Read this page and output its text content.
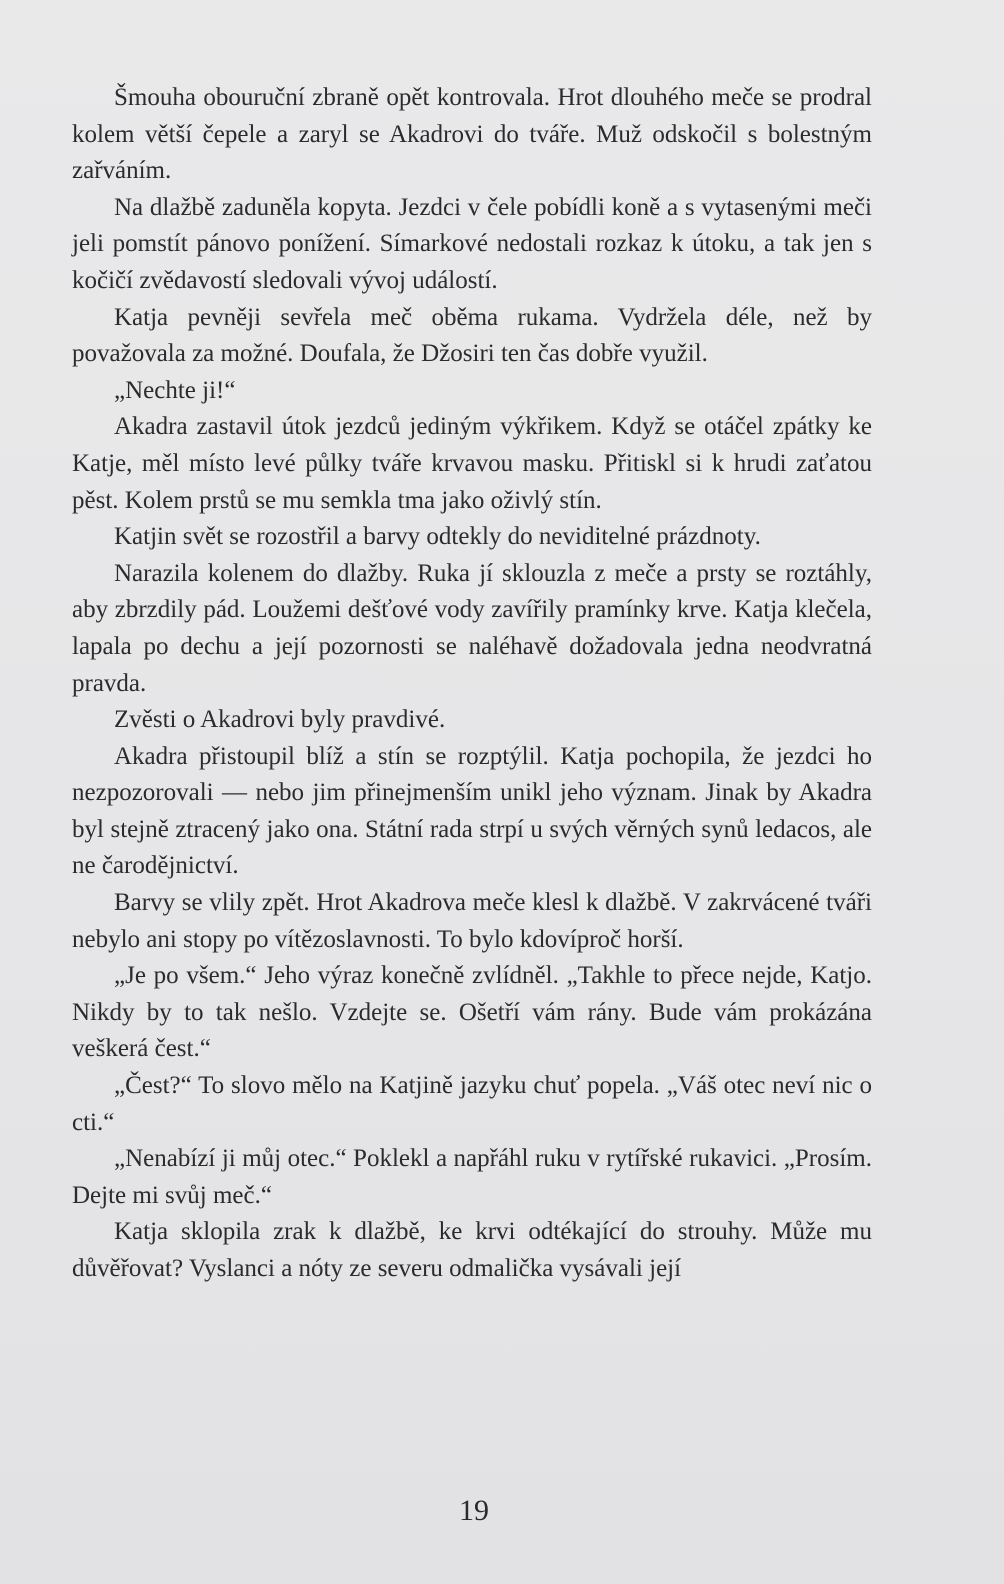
Šmouha obouruční zbraně opět kontrovala. Hrot dlouhého meče se prodral kolem větší čepele a zaryl se Akadrovi do tváře. Muž odskočil s bolestným zařváním.

Na dlažbě zaduněla kopyta. Jezdci v čele pobídli koně a s vytasenými meči jeli pomstít pánovo ponížení. Símarkové nedostali rozkaz k útoku, a tak jen s kočičí zvědavostí sledovali vývoj událostí.

Katja pevněji sevřela meč oběma rukama. Vydržela déle, než by považovala za možné. Doufala, že Džosiri ten čas dobře využil.

„Nechte ji!“

Akadra zastavil útok jezdců jediným výkřikem. Když se otáčel zpátky ke Katje, měl místo levé půlky tváře krvavou masku. Přitiskl si k hrudi zaťatou pěst. Kolem prstů se mu semkla tma jako oživlý stín.

Katjin svět se rozostřil a barvy odtekly do neviditelné prázdnoty.

Narazila kolenem do dlažby. Ruka jí sklouzla z meče a prsty se roztáhly, aby zbrzdily pád. Loužemi dešťové vody zavířily pramínky krve. Katja klečela, lapala po dechu a její pozornosti se naléhavě dožadovala jedna neodvratná pravda.

Zvěsti o Akadrovi byly pravdivé.

Akadra přistoupil blíž a stín se rozptýlil. Katja pochopila, že jezdci ho nezpozorovali — nebo jim přinejmenším unikl jeho význam. Jinak by Akadra byl stejně ztracený jako ona. Státní rada strpí u svých věrných synů ledacos, ale ne čarodějnictví.

Barvy se vlily zpět. Hrot Akadrova meče klesl k dlažbě. V zakrvácené tváři nebylo ani stopy po vítězoslavnosti. To bylo kdovíproč horší.

„Je po všem.“ Jeho výraz konečně zvlídněl. „Takhle to přece nejde, Katjo. Nikdy by to tak nešlo. Vzdejte se. Ošetří vám rány. Bude vám prokázána veškerá čest.“

„Čest?“ To slovo mělo na Katjině jazyku chuť popela. „Váš otec neví nic o cti.“

„Nenabízí ji můj otec.“ Poklekl a napřáhl ruku v rytířské rukavici. „Prosím. Dejte mi svůj meč.“

Katja sklopila zrak k dlažbě, ke krvi odtékající do strouhy. Může mu důvěřovat? Vyslanci a nóty ze severu odmalička vysávali její

19
